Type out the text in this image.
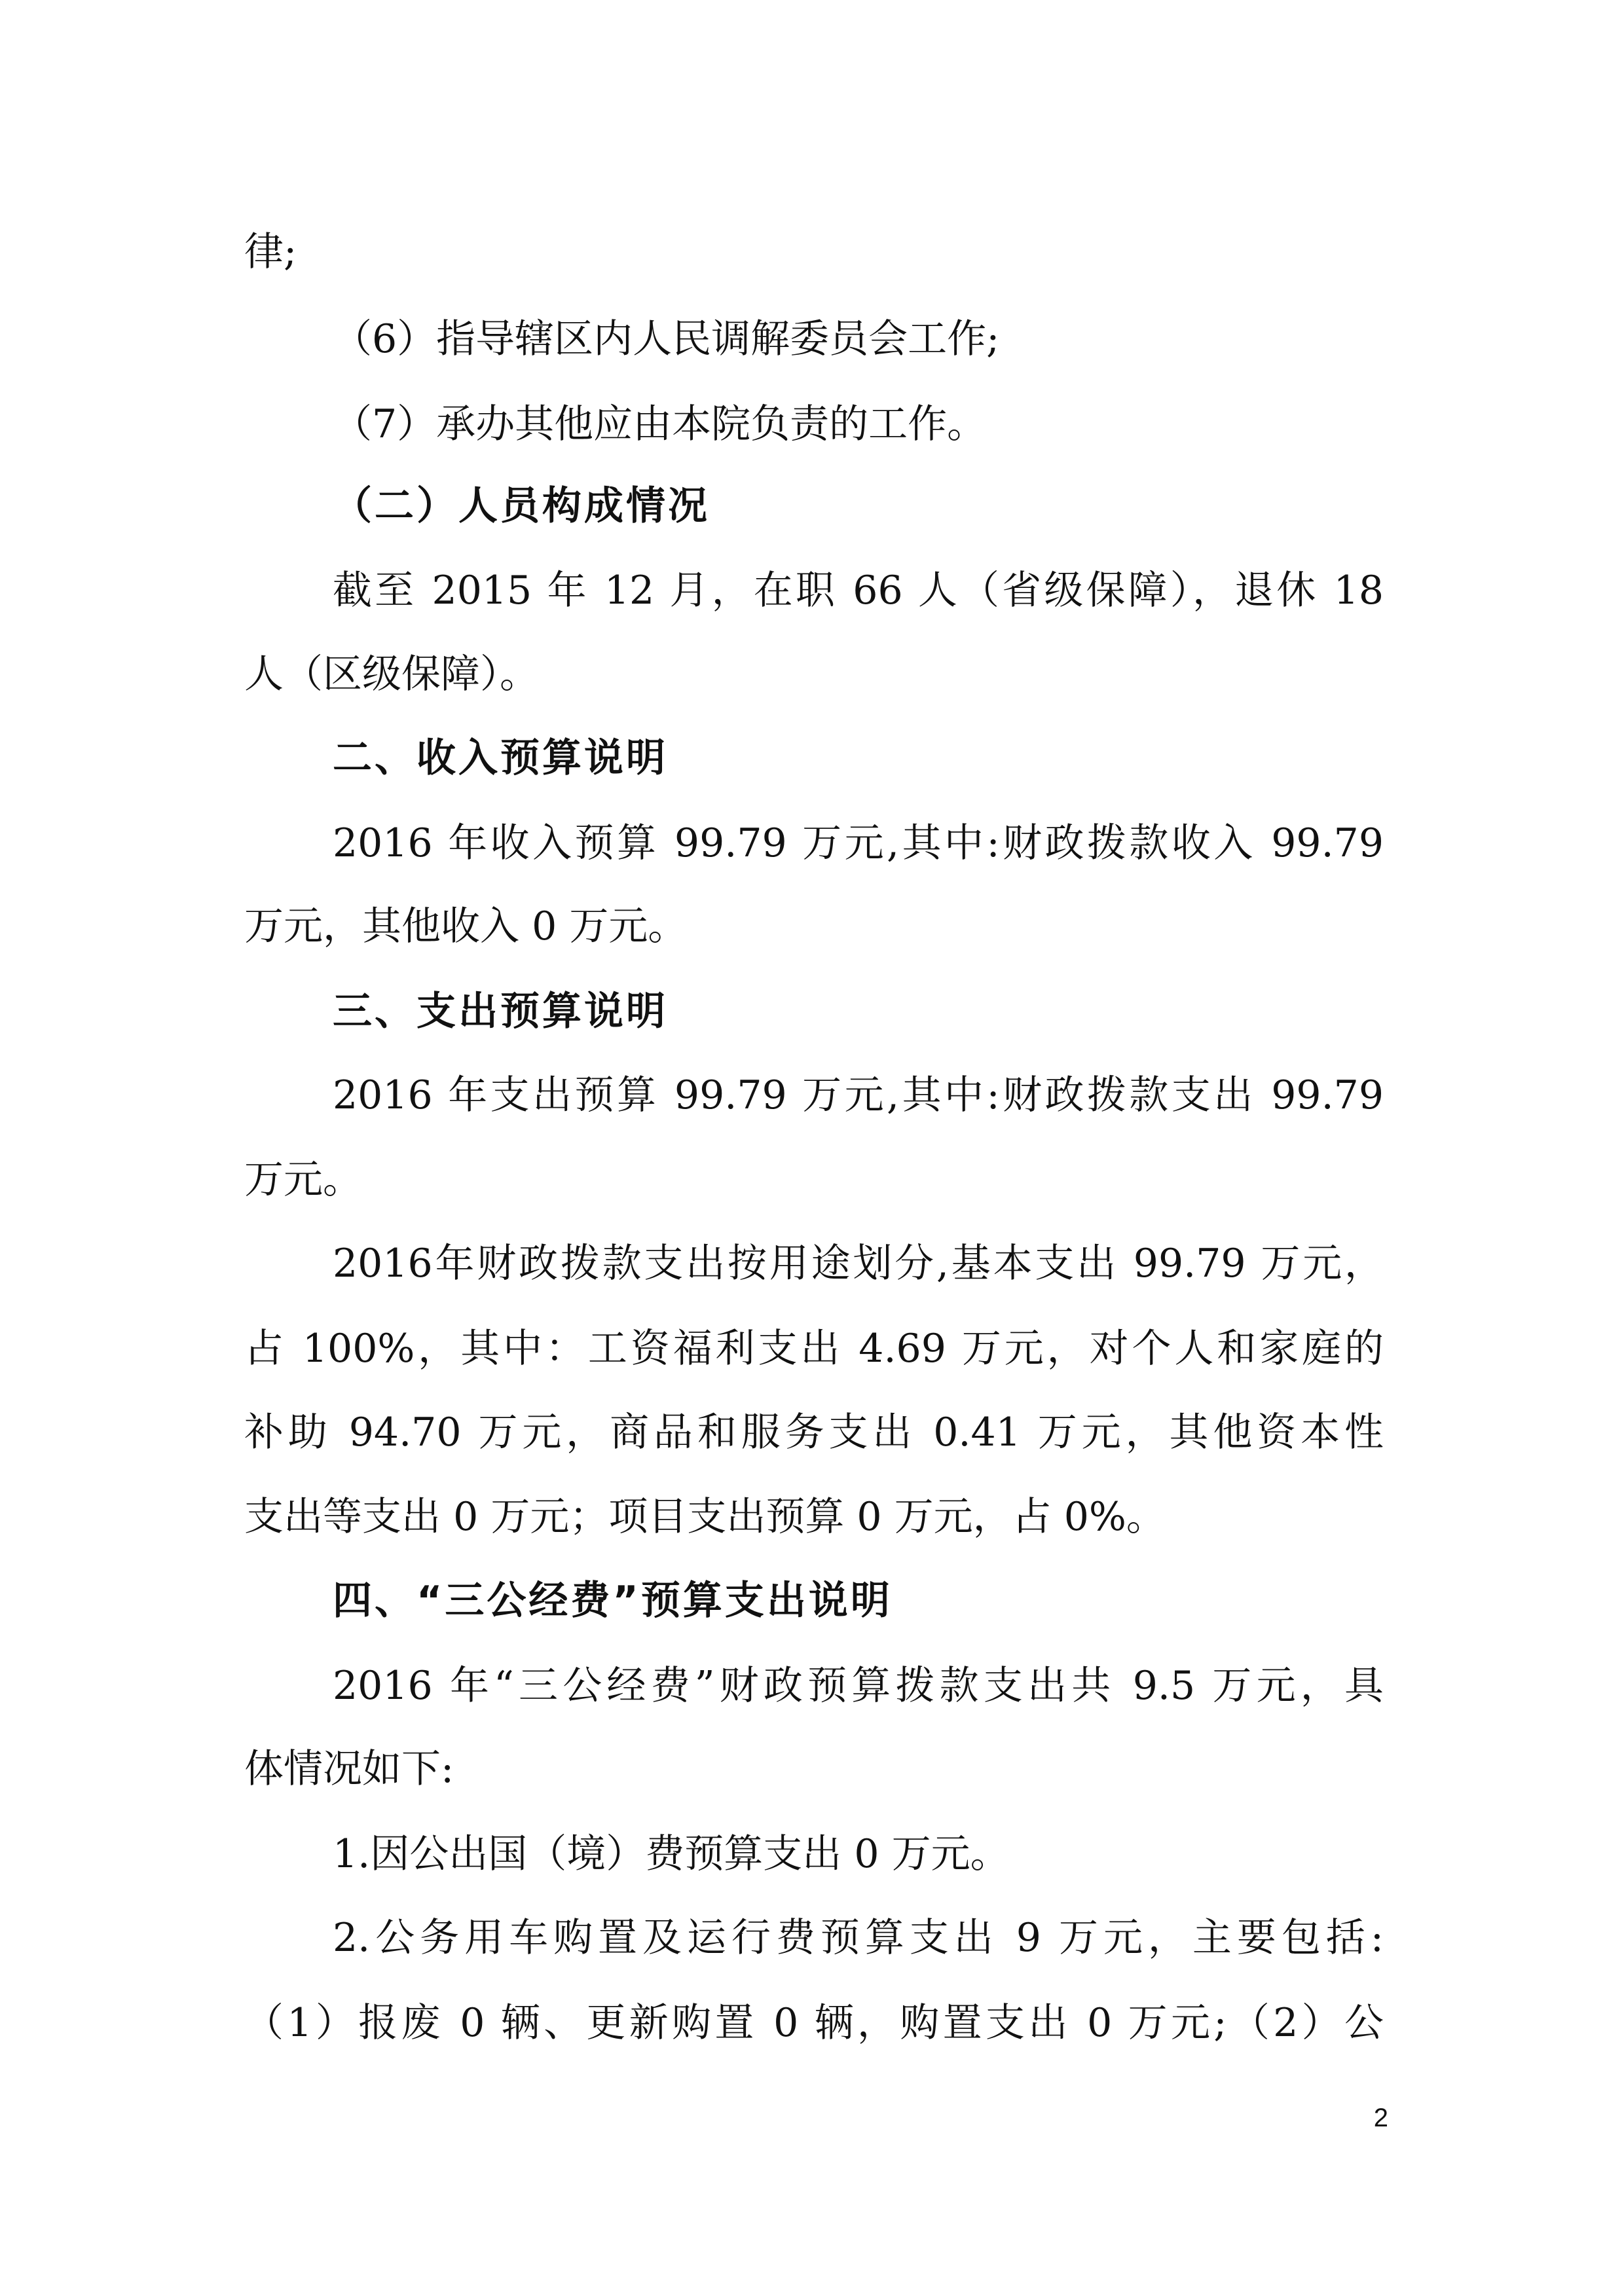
律;
（6）指导辖区内人民调解委员会工作;
（7）承办其他应由本院负责的工作。
（二）人员构成情况
截至 2015 年 12 月，在职 66 人（省级保障），退休 18
人（区级保障）。
二、收入预算说明
2016 年收入预算 99.79 万元,其中:财政拨款收入 99.79
万元，其他收入 0 万元。
三、支出预算说明
2016 年支出预算 99.79 万元,其中:财政拨款支出 99.79
万元。
2016年财政拨款支出按用途划分,基本支出 99.79 万元，
占 100%，其中：工资福利支出 4.69 万元，对个人和家庭的
补助 94.70 万元，商品和服务支出 0.41 万元，其他资本性
支出等支出 0 万元；项目支出预算 0 万元，占 0%。
四、“三公经费”预算支出说明
2016 年“三公经费”财政预算拨款支出共 9.5 万元，具
体情况如下:
1.因公出国（境）费预算支出 0 万元。
2.公务用车购置及运行费预算支出 9 万元，主要包括:
（1）报废 0 辆、更新购置 0 辆，购置支出 0 万元;（2）公
2
